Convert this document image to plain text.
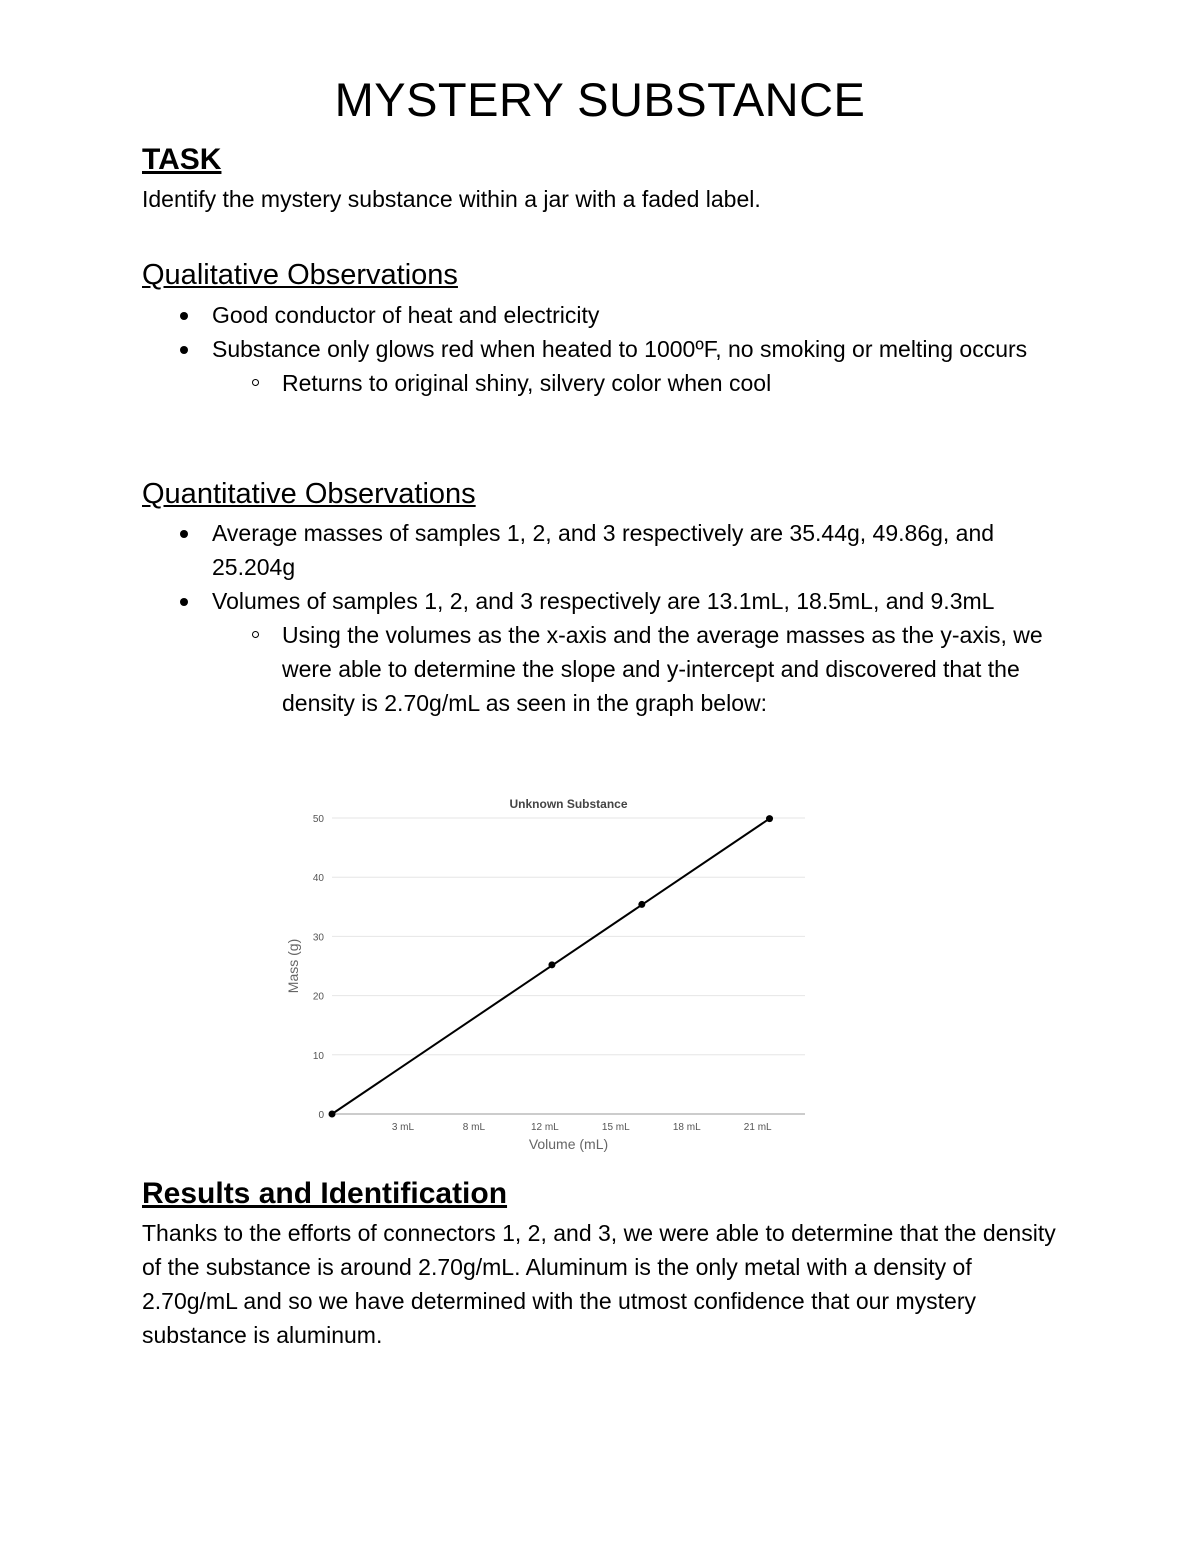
MYSTERY SUBSTANCE
TASK

Identify the mystery substance within a jar with a faded label.

Qualitative Observations
Good conductor of heat and electricity
Substance only glows red when heated to 1000ºF, no smoking or melting occurs
Returns to original shiny, silvery color when cool
Quantitative Observations
Average masses of samples 1, 2, and 3 respectively are 35.44g, 49.86g, and 25.204g
Volumes of samples 1, 2, and 3 respectively are 13.1mL, 18.5mL, and 9.3mL
Using the volumes as the x-axis and the average masses as the y-axis, we were able to determine the slope and y-intercept and discovered that the density is 2.70g/mL as seen in the graph below:
0
10
20
30
40
50
3 mL	8 mL	12 mL	15 mL	18 mL	21 mL
Unknown Substance
Volume (mL)
Mass (g)
Results and Identification

Thanks to the efforts of connectors 1, 2, and 3, we were able to determine that the density of the substance is around 2.70g/mL. Aluminum is the only metal with a density of 2.70g/mL and so we have determined with the utmost confidence that our mystery substance is aluminum.
